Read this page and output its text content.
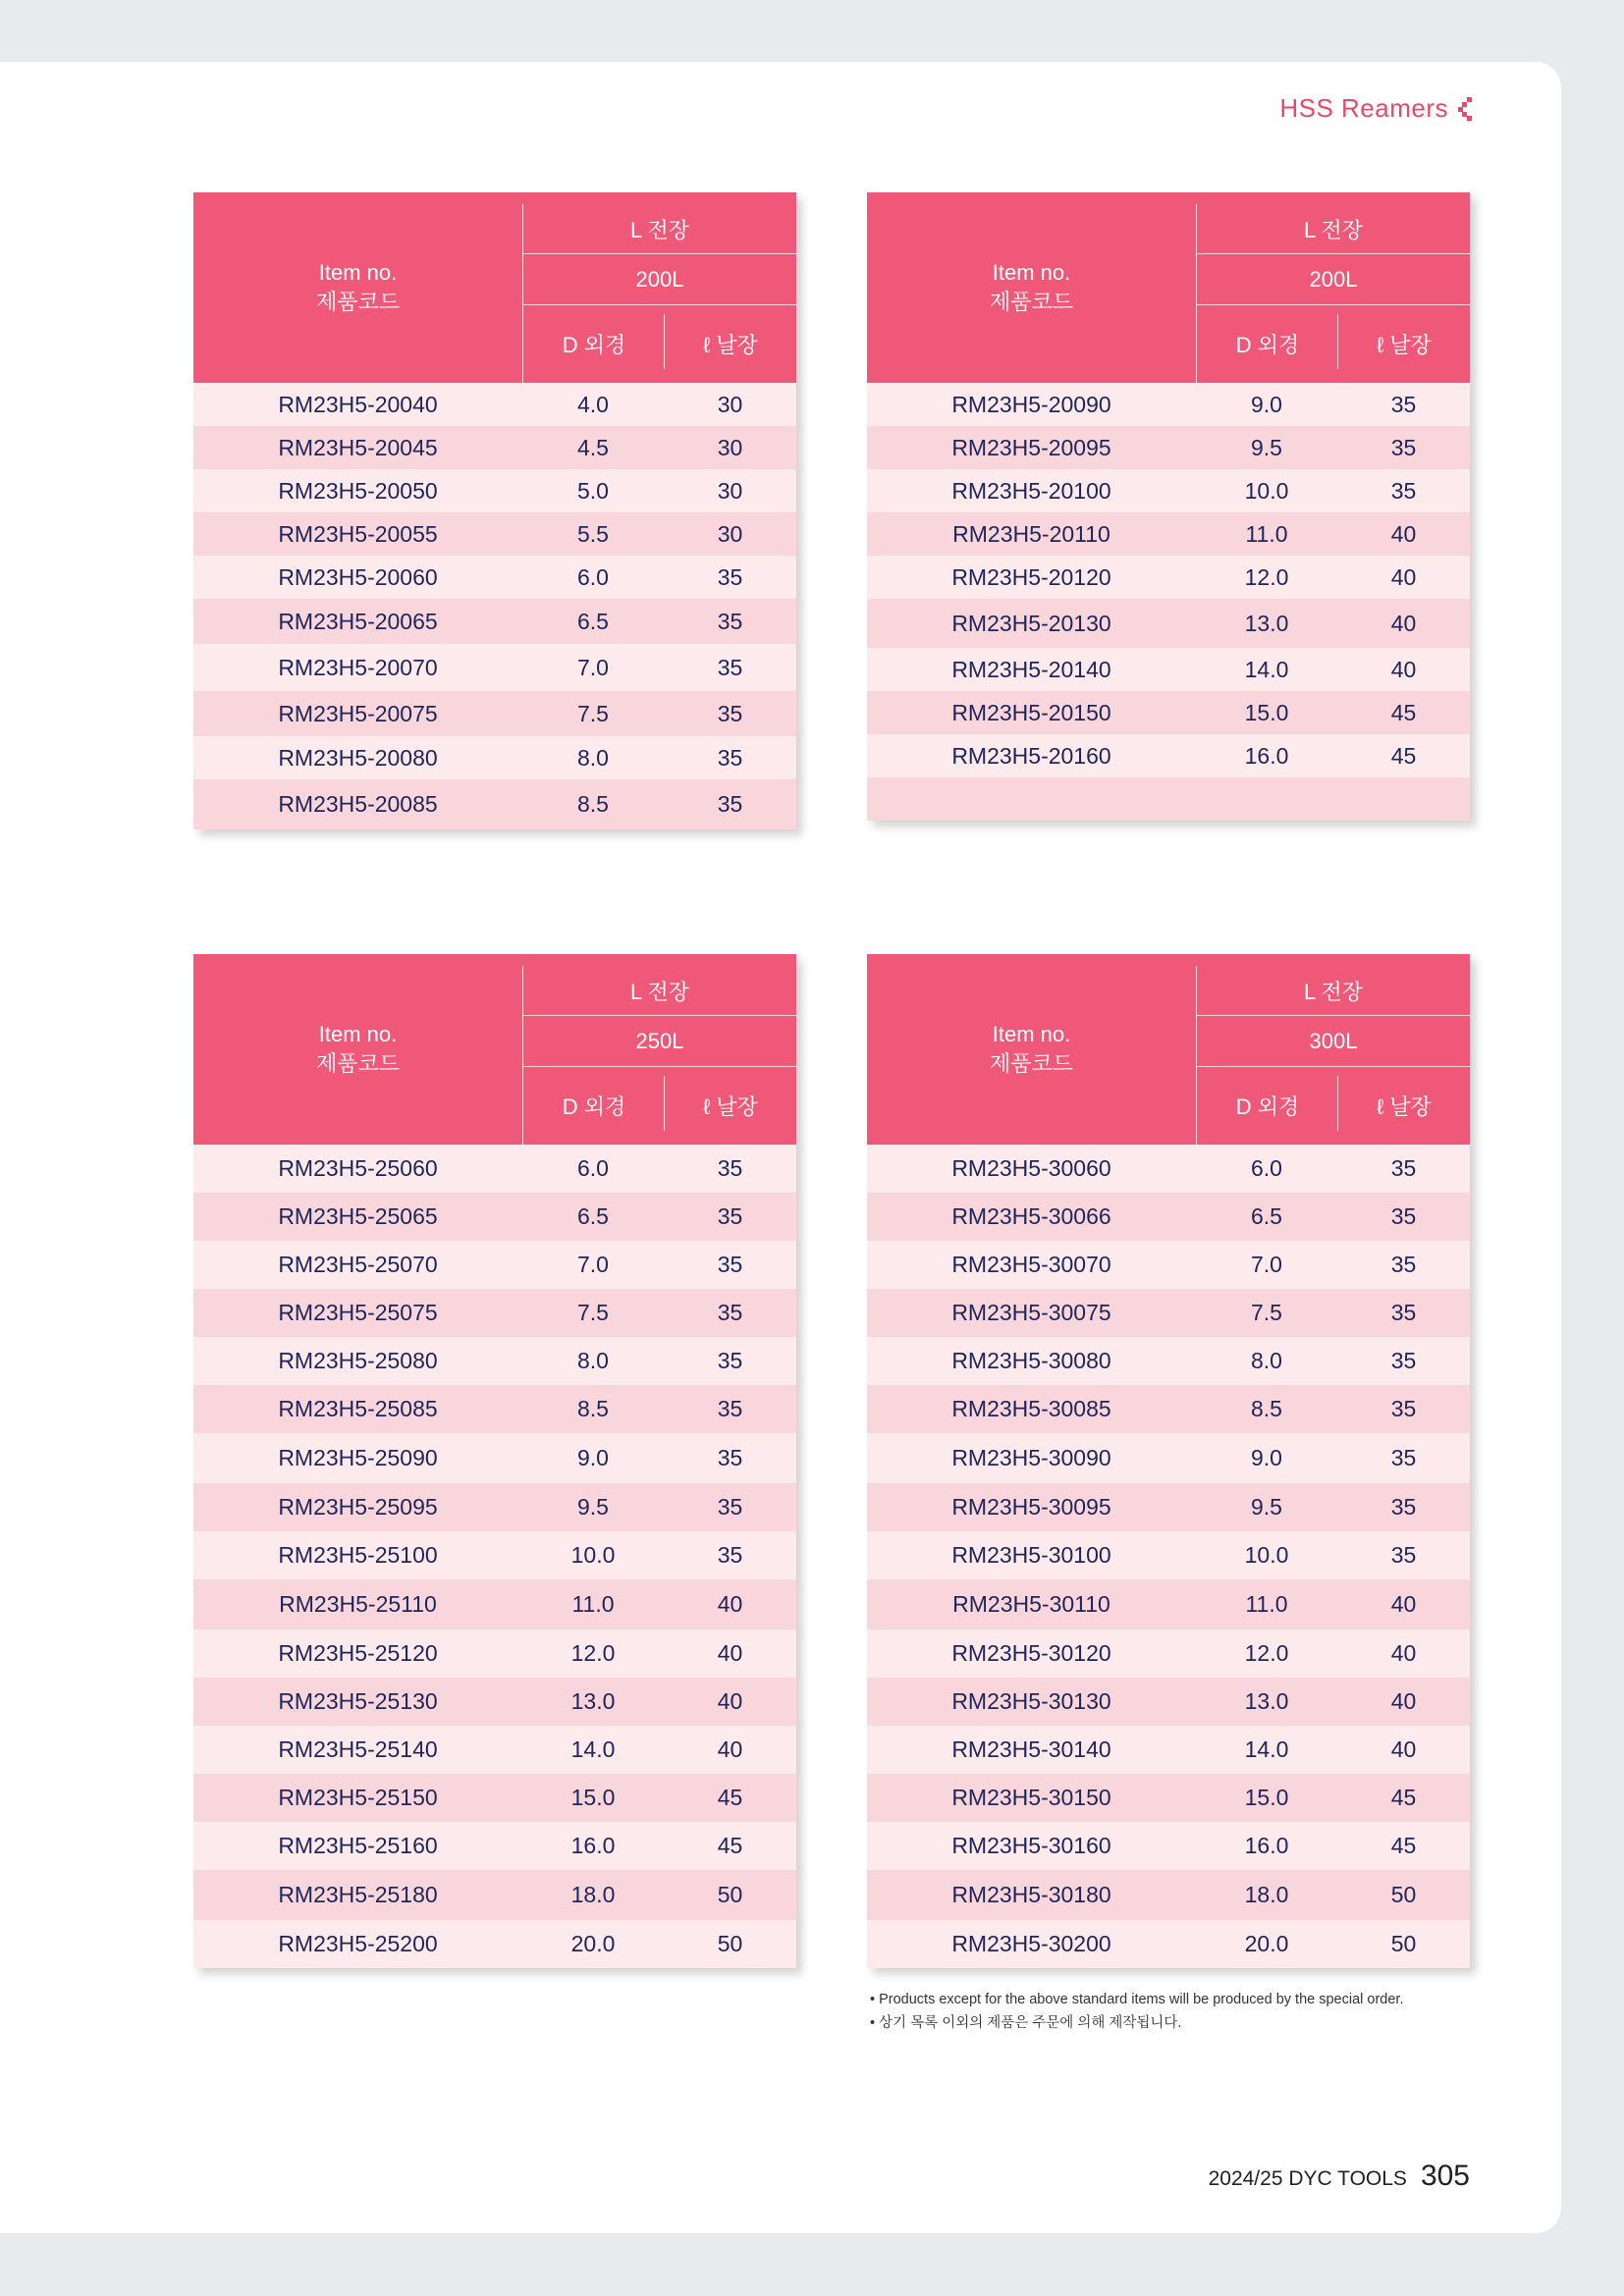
HSS Reamers
Item no.
제품코드
L 전장
200L
D 외경	ℓ 날장
RM23H5-20040	4.0	30
RM23H5-20045	4.5	30
RM23H5-20050	5.0	30
RM23H5-20055	5.5	30
RM23H5-20060	6.0	35
RM23H5-20065	6.5	35
RM23H5-20070	7.0	35
RM23H5-20075	7.5	35
RM23H5-20080	8.0	35
RM23H5-20085	8.5	35
Item no.
제품코드
L 전장
200L
D 외경	ℓ 날장
RM23H5-20090	9.0	35
RM23H5-20095	9.5	35
RM23H5-20100	10.0	35
RM23H5-20110	11.0	40
RM23H5-20120	12.0	40
RM23H5-20130	13.0	40
RM23H5-20140	14.0	40
RM23H5-20150	15.0	45
RM23H5-20160	16.0	45
Item no.
제품코드
L 전장
250L
D 외경	ℓ 날장
RM23H5-25060	6.0	35
RM23H5-25065	6.5	35
RM23H5-25070	7.0	35
RM23H5-25075	7.5	35
RM23H5-25080	8.0	35
RM23H5-25085	8.5	35
RM23H5-25090	9.0	35
RM23H5-25095	9.5	35
RM23H5-25100	10.0	35
RM23H5-25110	11.0	40
RM23H5-25120	12.0	40
RM23H5-25130	13.0	40
RM23H5-25140	14.0	40
RM23H5-25150	15.0	45
RM23H5-25160	16.0	45
RM23H5-25180	18.0	50
RM23H5-25200	20.0	50
Item no.
제품코드
L 전장
300L
D 외경	ℓ 날장
RM23H5-30060	6.0	35
RM23H5-30066	6.5	35
RM23H5-30070	7.0	35
RM23H5-30075	7.5	35
RM23H5-30080	8.0	35
RM23H5-30085	8.5	35
RM23H5-30090	9.0	35
RM23H5-30095	9.5	35
RM23H5-30100	10.0	35
RM23H5-30110	11.0	40
RM23H5-30120	12.0	40
RM23H5-30130	13.0	40
RM23H5-30140	14.0	40
RM23H5-30150	15.0	45
RM23H5-30160	16.0	45
RM23H5-30180	18.0	50
RM23H5-30200	20.0	50
• Products except for the above standard items will be produced by the special order.
• 상기 목록 이외의 제품은 주문에 의해 제작됩니다.
2024/25 DYC TOOLS 305
